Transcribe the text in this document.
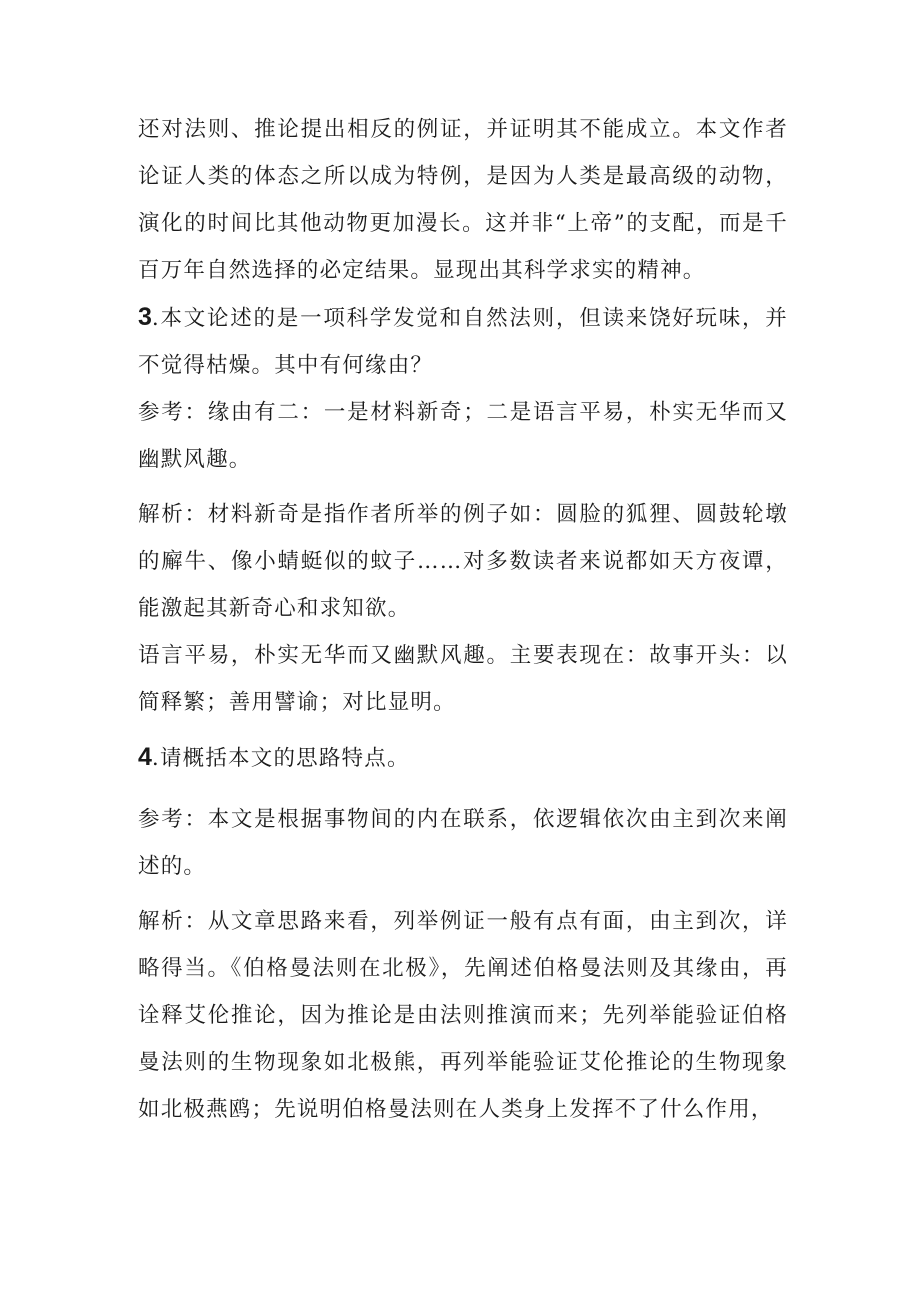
还对法则、推论提出相反的例证，并证明其不能成立。本文作者论证人类的体态之所以成为特例，是因为人类是最高级的动物，演化的时间比其他动物更加漫长。这并非“上帝”的支配，而是千百万年自然选择的必定结果。显现出其科学求实的精神。

3.本文论述的是一项科学发觉和自然法则，但读来饶好玩味，并不觉得枯燥。其中有何缘由？

参考：缘由有二：一是材料新奇；二是语言平易，朴实无华而又幽默风趣。

解析：材料新奇是指作者所举的例子如：圆脸的狐狸、圆鼓轮墩的廨牛、像小蜻蜓似的蚊子……对多数读者来说都如天方夜谭，能激起其新奇心和求知欲。

语言平易，朴实无华而又幽默风趣。主要表现在：故事开头：以简释繁；善用譬谕；对比显明。

4.请概括本文的思路特点。

参考：本文是根据事物间的内在联系，依逻辑依次由主到次来阐述的。

解析：从文章思路来看，列举例证一般有点有面，由主到次，详略得当。《伯格曼法则在北极》，先阐述伯格曼法则及其缘由，再诠释艾伦推论，因为推论是由法则推演而来；先列举能验证伯格曼法则的生物现象如北极熊，再列举能验证艾伦推论的生物现象如北极燕鸥；先说明伯格曼法则在人类身上发挥不了什么作用，
